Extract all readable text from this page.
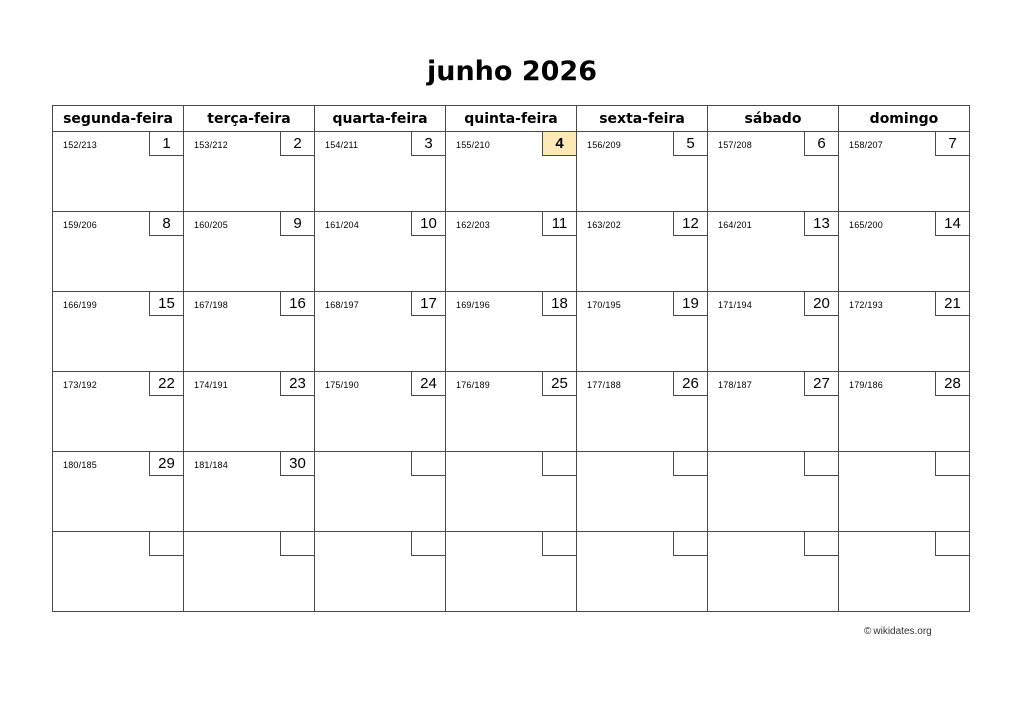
junho 2026
segunda-feira	terça-feira	quarta-feira	quinta-feira	sexta-feira	sábado	domingo

152/213 1	153/212 2	154/211 3	155/210 4	156/209 5	157/208 6	158/207 7

159/206 8	160/205 9	161/204 10	162/203 11	163/202 12	164/201 13	165/200 14

166/199 15	167/198 16	168/197 17	169/196 18	170/195 19	171/194 20	172/193 21

173/192 22	174/191 23	175/190 24	176/189 25	177/188 26	178/187 27	179/186 28

180/185 29	181/184 30					

© wikidates.org
